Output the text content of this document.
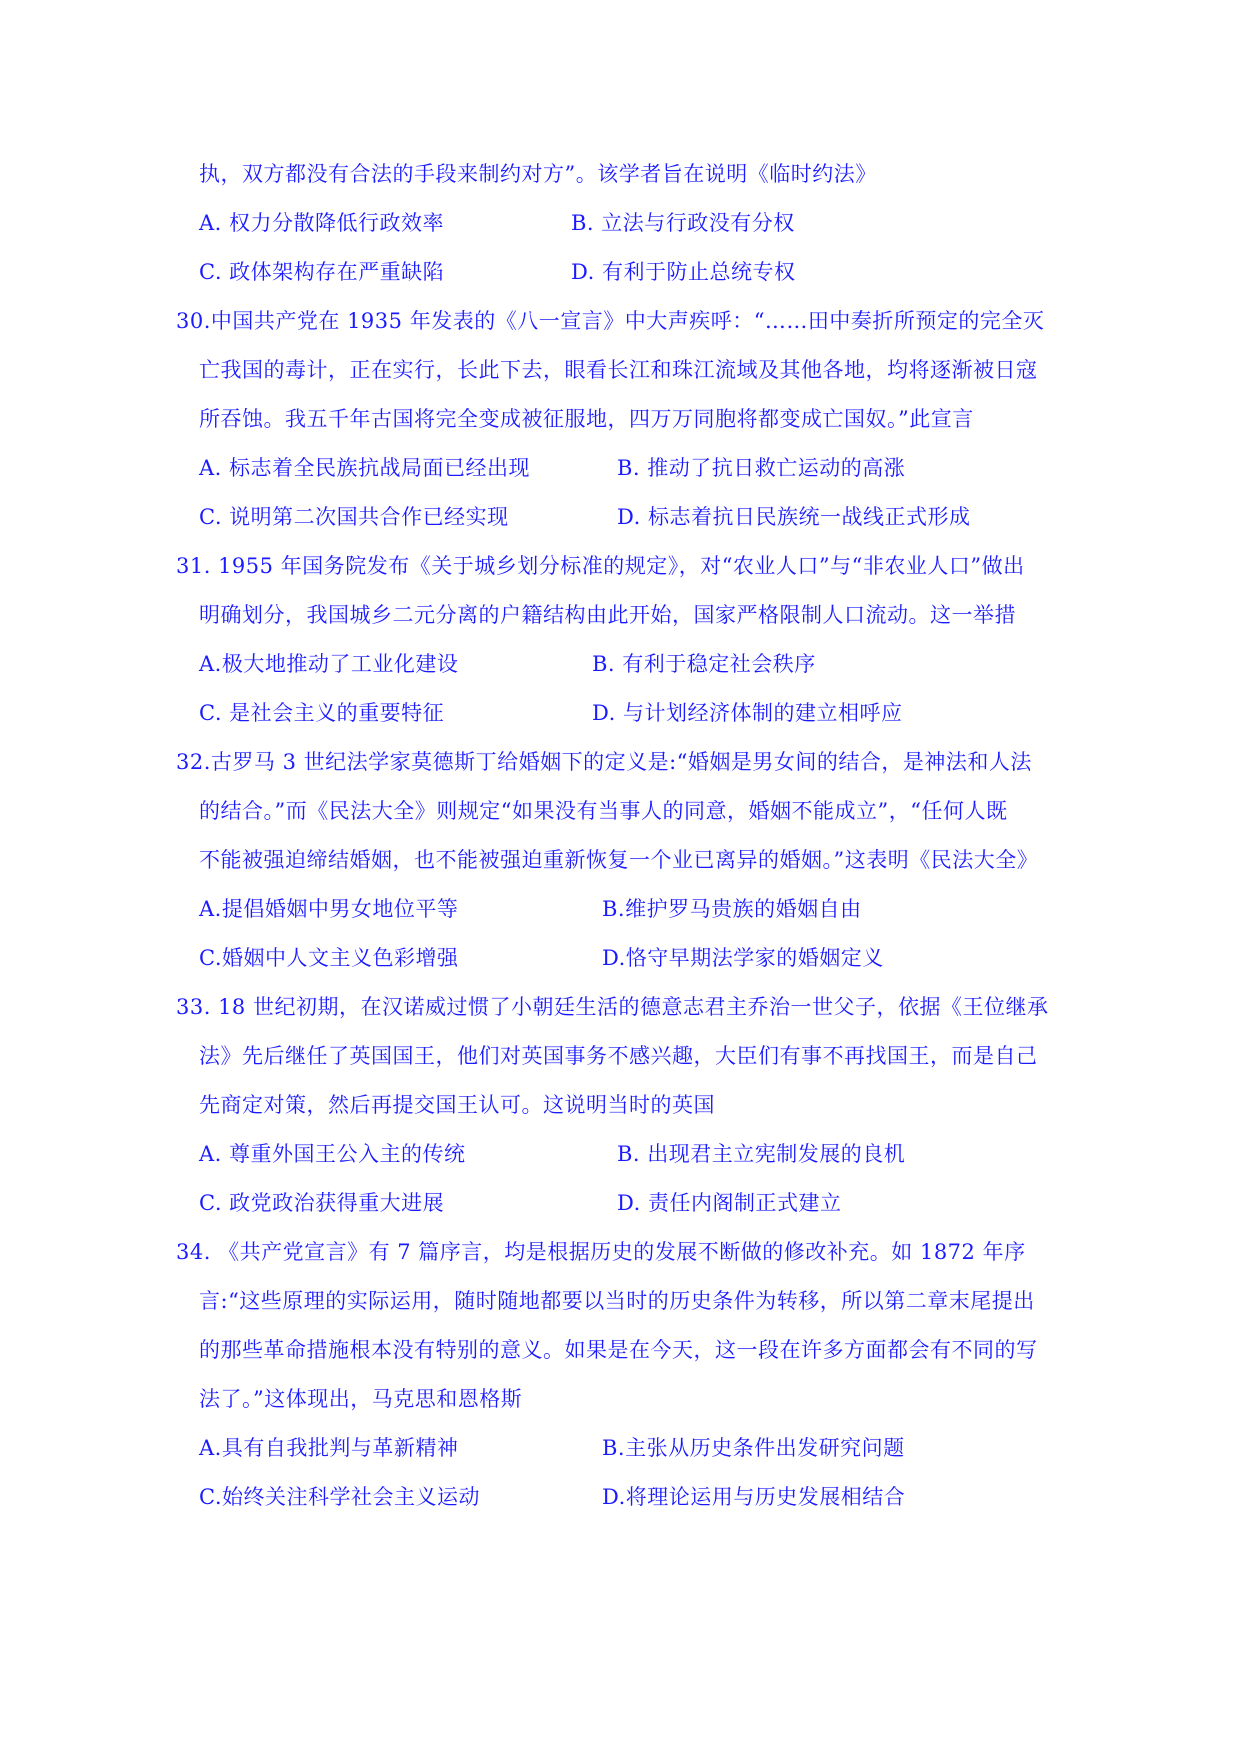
执，双方都没有合法的手段来制约对方”。该学者旨在说明《临时约法》
A. 权力分散降低行政效率	B. 立法与行政没有分权
C. 政体架构存在严重缺陷	D. 有利于防止总统专权
30.中国共产党在 1935 年发表的《八一宣言》中大声疾呼：“……田中奏折所预定的完全灭
亡我国的毒计，正在实行，长此下去，眼看长江和珠江流域及其他各地，均将逐渐被日寇
所吞蚀。我五千年古国将完全变成被征服地，四万万同胞将都变成亡国奴。”此宣言
A. 标志着全民族抗战局面已经出现	B. 推动了抗日救亡运动的高涨
C. 说明第二次国共合作已经实现	D. 标志着抗日民族统一战线正式形成
31. 1955 年国务院发布《关于城乡划分标准的规定》，对“农业人口”与“非农业人口”做出
明确划分，我国城乡二元分离的户籍结构由此开始，国家严格限制人口流动。这一举措
A.极大地推动了工业化建设	B. 有利于稳定社会秩序
C. 是社会主义的重要特征	D. 与计划经济体制的建立相呼应
32.古罗马 3 世纪法学家莫德斯丁给婚姻下的定义是:“婚姻是男女间的结合，是神法和人法
的结合。”而《民法大全》则规定“如果没有当事人的同意，婚姻不能成立”，“任何人既
不能被强迫缔结婚姻，也不能被强迫重新恢复一个业已离异的婚姻。”这表明《民法大全》
A.提倡婚姻中男女地位平等	B.维护罗马贵族的婚姻自由
C.婚姻中人文主义色彩增强	D.恪守早期法学家的婚姻定义
33. 18 世纪初期，在汉诺威过惯了小朝廷生活的德意志君主乔治一世父子，依据《王位继承
法》先后继任了英国国王，他们对英国事务不感兴趣，大臣们有事不再找国王，而是自己
先商定对策，然后再提交国王认可。这说明当时的英国
A. 尊重外国王公入主的传统	B. 出现君主立宪制发展的良机
C. 政党政治获得重大进展	D. 责任内阁制正式建立
34. 《共产党宣言》有 7 篇序言，均是根据历史的发展不断做的修改补充。如 1872 年序
言:“这些原理的实际运用，随时随地都要以当时的历史条件为转移，所以第二章末尾提出
的那些革命措施根本没有特别的意义。如果是在今天，这一段在许多方面都会有不同的写
法了。”这体现出，马克思和恩格斯
A.具有自我批判与革新精神	B.主张从历史条件出发研究问题
C.始终关注科学社会主义运动	D.将理论运用与历史发展相结合
